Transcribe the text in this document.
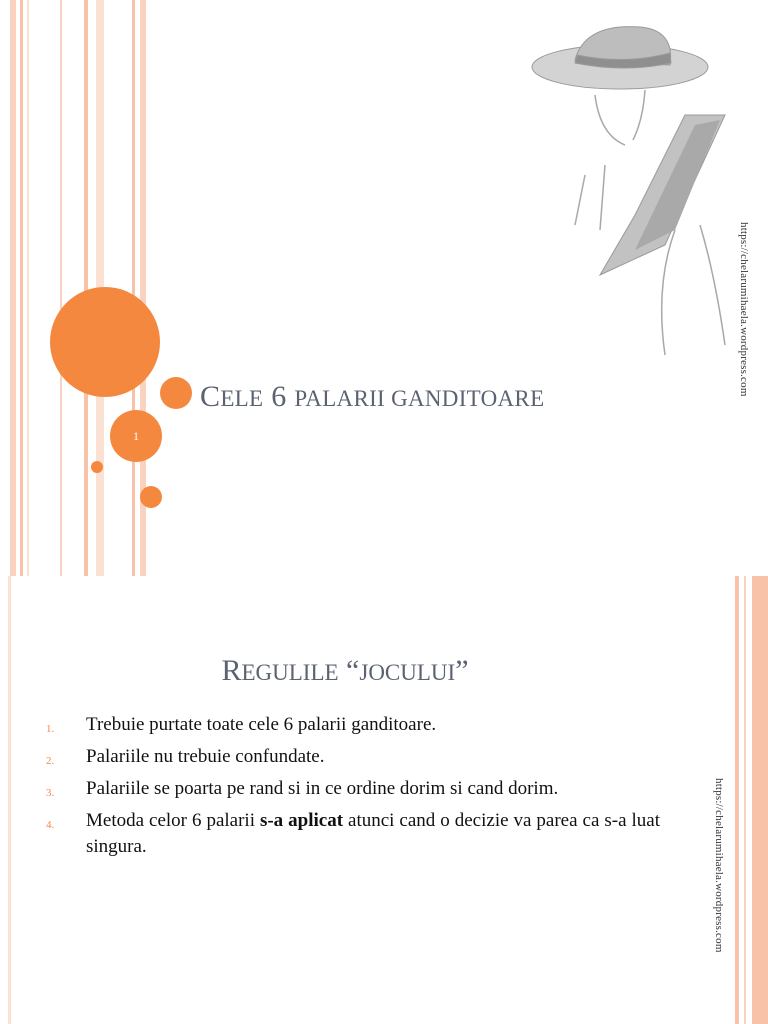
1
CELE 6 PALARII GANDITOARE
https://chelarumihaela.wordpress.com
REGULILE “JOCULUI”
1. Trebuie purtate toate cele 6 palarii ganditoare.
2. Palariile nu trebuie confundate.
3. Palariile se poarta pe rand si in ce ordine dorim si cand dorim.
4. Metoda celor 6 palarii s-a aplicat atunci cand o decizie va parea ca s-a luat singura.	https://chelarumihaela.wordpress.com
